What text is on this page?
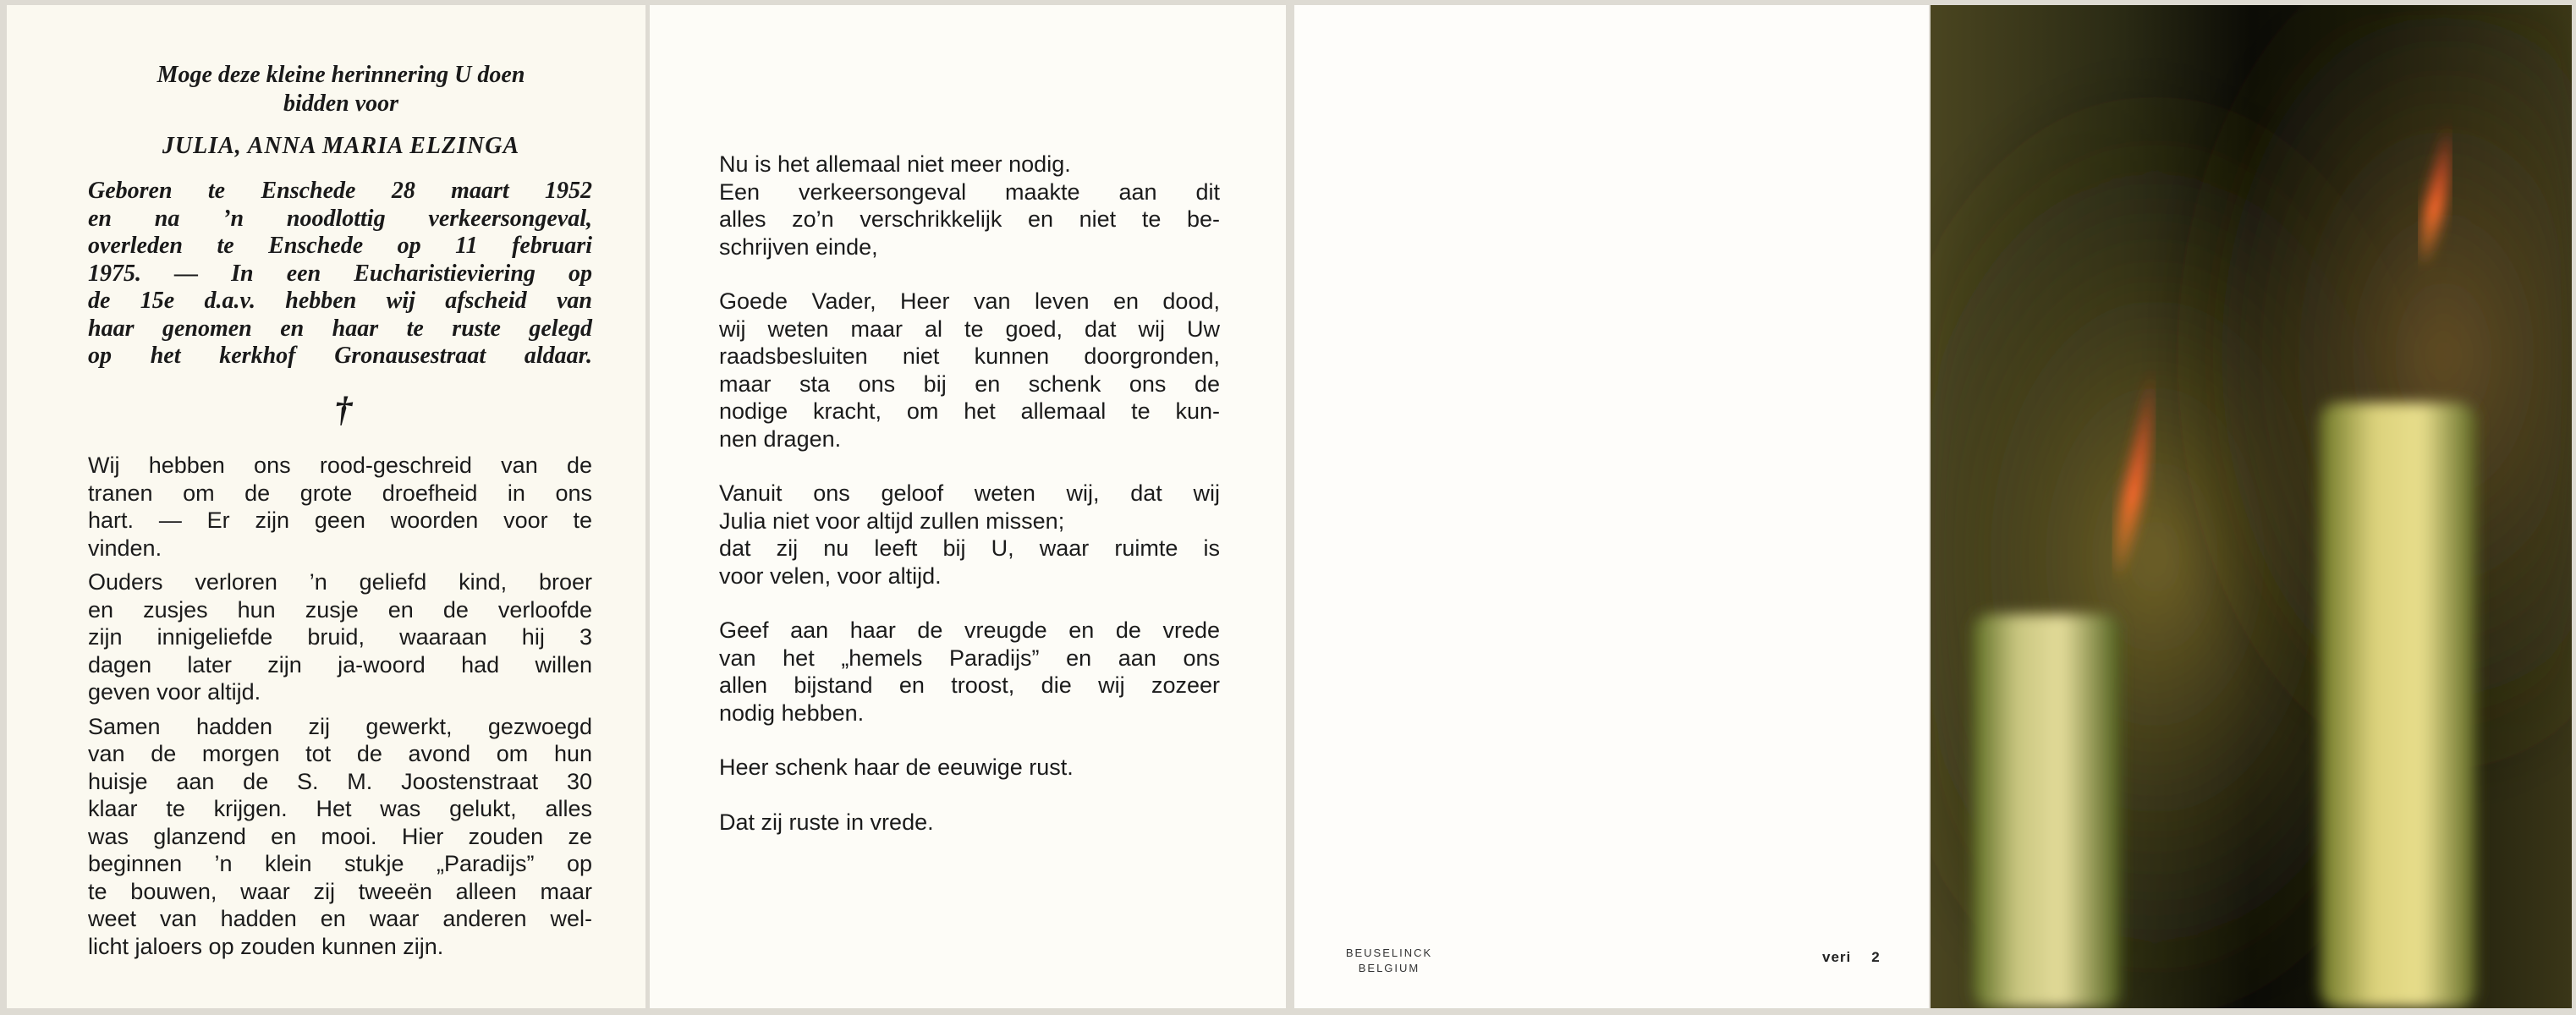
Moge deze kleine herinnering U doen
bidden voor
JULIA, ANNA MARIA ELZINGA
Geboren te Enschede 28 maart 1952
en na ’n noodlottig verkeersongeval,
overleden te Enschede op 11 februari
1975. — In een Eucharistieviering op
de 15e d.a.v. hebben wij afscheid van
haar genomen en haar te ruste gelegd
op het kerkhof Gronausestraat aldaar.
†
Wij hebben ons rood-geschreid van de
tranen om de grote droefheid in ons
hart. — Er zijn geen woorden voor te
vinden.
Ouders verloren ’n geliefd kind, broer
en zusjes hun zusje en de verloofde
zijn innigeliefde bruid, waaraan hij 3
dagen later zijn ja-woord had willen
geven voor altijd.
Samen hadden zij gewerkt, gezwoegd
van de morgen tot de avond om hun
huisje aan de S. M. Joostenstraat 30
klaar te krijgen. Het was gelukt, alles
was glanzend en mooi. Hier zouden ze
beginnen ’n klein stukje „Paradijs” op
te bouwen, waar zij tweeën alleen maar
weet van hadden en waar anderen wel-
licht jaloers op zouden kunnen zijn.
Nu is het allemaal niet meer nodig.
Een verkeersongeval maakte aan dit
alles zo’n verschrikkelijk en niet te be-
schrijven einde,
Goede Vader, Heer van leven en dood,
wij weten maar al te goed, dat wij Uw
raadsbesluiten niet kunnen doorgronden,
maar sta ons bij en schenk ons de
nodige kracht, om het allemaal te kun-
nen dragen.
Vanuit ons geloof weten wij, dat wij
Julia niet voor altijd zullen missen;
dat zij nu leeft bij U, waar ruimte is
voor velen, voor altijd.
Geef aan haar de vreugde en de vrede
van het „hemels Paradijs” en aan ons
allen bijstand en troost, die wij zozeer
nodig hebben.
Heer schenk haar de eeuwige rust.
Dat zij ruste in vrede.
BEUSELINCK
BELGIUM
veri 2
